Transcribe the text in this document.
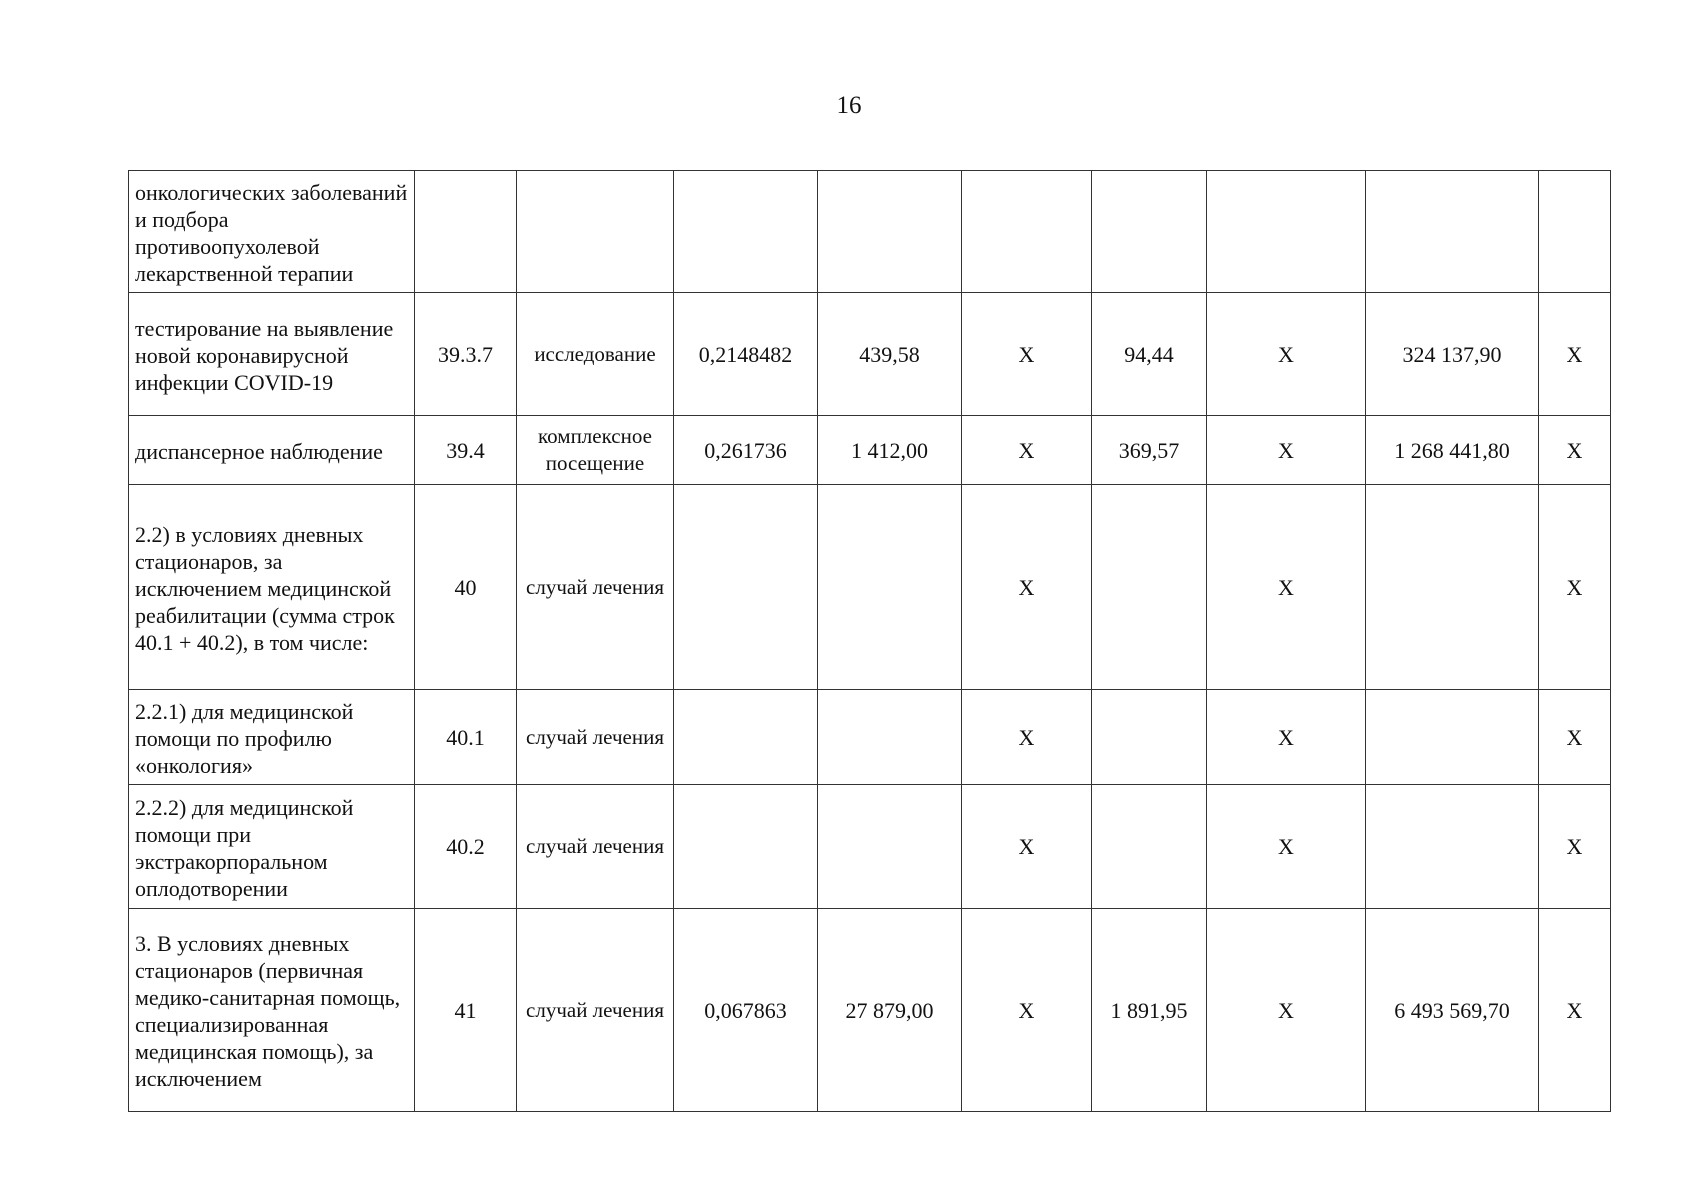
16
онкологических заболеваний и подбора противоопухолевой лекарственной терапии									
тестирование на выявление новой коронавирусной инфекции COVID-19	39.3.7	исследование	0,2148482	439,58	X	94,44	X	324 137,90	X
диспансерное наблюдение	39.4	комплексное посещение	0,261736	1 412,00	X	369,57	X	1 268 441,80	X
2.2) в условиях дневных стационаров, за исключением медицинской реабилитации (сумма строк 40.1 + 40.2), в том числе:	40	случай лечения			X		X		X
2.2.1) для медицинской помощи по профилю «онкология»	40.1	случай лечения			X		X		X
2.2.2) для медицинской помощи при экстракорпоральном оплодотворении	40.2	случай лечения			X		X		X
3. В условиях дневных стационаров (первичная медико-санитарная помощь, специализированная медицинская помощь), за исключением	41	случай лечения	0,067863	27 879,00	X	1 891,95	X	6 493 569,70	X
